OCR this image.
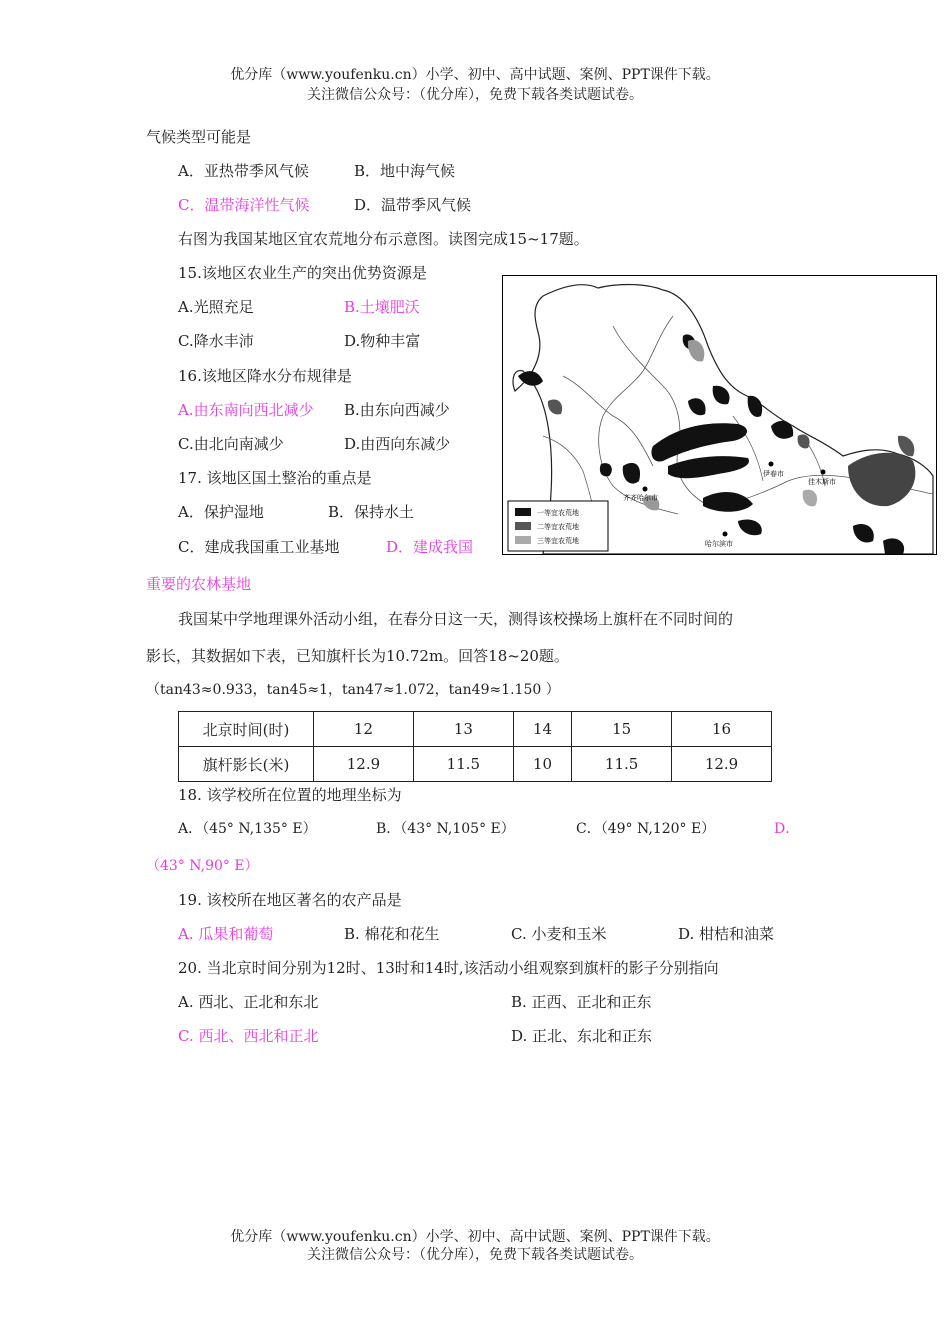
优分库（www.youfenku.cn）小学、初中、高中试题、案例、PPT课件下载。
关注微信公众号：（优分库），免费下载各类试题试卷。
气候类型可能是
A．亚热带季风气候	B．地中海气候
C．温带海洋性气候	D．温带季风气候
右图为我国某地区宜农荒地分布示意图。读图完成15~17题。
15.该地区农业生产的突出优势资源是
A.光照充足	B.土壤肥沃
C.降水丰沛	D.物种丰富
16.该地区降水分布规律是
A.由东南向西北减少 B.由东向西减少
C.由北向南减少	D.由西向东减少
17. 该地区国土整治的重点是
A．保护湿地	B．保持水土
C．建成我国重工业基地	D．建成我国
重要的农林基地
齐齐哈尔市
哈尔滨市
伊春市
佳木斯市
一等宜农荒地
二等宜农荒地
三等宜农荒地
我国某中学地理课外活动小组，在春分日这一天，测得该校操场上旗杆在不同时间的
影长，其数据如下表，已知旗杆长为10.72m。回答18~20题。
（tan43≈0.933，tan45≈1，tan47≈1.072，tan49≈1.150 ）
北京时间(时)	12	13	14	15	16
旗杆影长(米)	12.9	11.5	10	11.5	12.9
18. 该学校所在位置的地理坐标为
A．（45° N,135° E）	B．（43° N,105° E）	C．（49° N,120° E）	D．
（43° N,90° E）
19. 该校所在地区著名的农产品是
A. 瓜果和葡萄	B. 棉花和花生	C. 小麦和玉米	D. 柑桔和油菜
20. 当北京时间分别为12时、13时和14时,该活动小组观察到旗杆的影子分别指向
A. 西北、正北和东北	B. 正西、正北和正东
C. 西北、西北和正北	D. 正北、东北和正东
优分库（www.youfenku.cn）小学、初中、高中试题、案例、PPT课件下载。
关注微信公众号：（优分库），免费下载各类试题试卷。
